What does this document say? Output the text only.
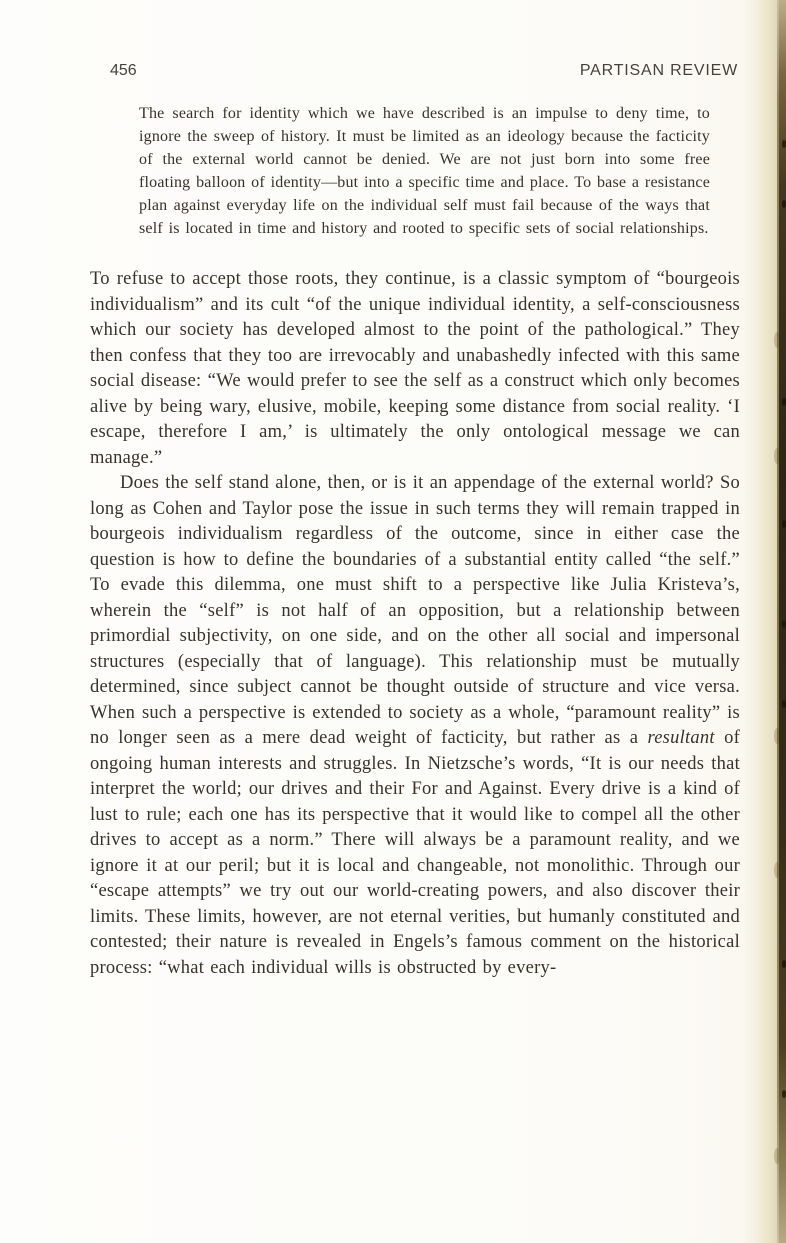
456	PARTISAN REVIEW
The search for identity which we have described is an impulse to deny time, to ignore the sweep of history. It must be limited as an ideology because the facticity of the external world cannot be denied. We are not just born into some free floating balloon of identity—but into a specific time and place. To base a resistance plan against everyday life on the individual self must fail because of the ways that self is located in time and history and rooted to specific sets of social relationships.

To refuse to accept those roots, they continue, is a classic symptom of “bourgeois individualism” and its cult “of the unique individual identity, a self-consciousness which our society has developed almost to the point of the pathological.” They then confess that they too are irrevocably and unabashedly infected with this same social disease: “We would prefer to see the self as a construct which only becomes alive by being wary, elusive, mobile, keeping some distance from social reality. ‘I escape, therefore I am,’ is ultimately the only ontological message we can manage.”

Does the self stand alone, then, or is it an appendage of the external world? So long as Cohen and Taylor pose the issue in such terms they will remain trapped in bourgeois individualism regardless of the outcome, since in either case the question is how to define the boundaries of a substantial entity called “the self.” To evade this dilemma, one must shift to a perspective like Julia Kristeva’s, wherein the “self” is not half of an opposition, but a relationship between primordial subjectivity, on one side, and on the other all social and impersonal structures (especially that of language). This relationship must be mutually determined, since subject cannot be thought outside of structure and vice versa. When such a perspective is extended to society as a whole, “paramount reality” is no longer seen as a mere dead weight of facticity, but rather as a resultant of ongoing human interests and struggles. In Nietzsche’s words, “It is our needs that interpret the world; our drives and their For and Against. Every drive is a kind of lust to rule; each one has its perspective that it would like to compel all the other drives to accept as a norm.” There will always be a paramount reality, and we ignore it at our peril; but it is local and changeable, not monolithic. Through our “escape attempts” we try out our world-creating powers, and also discover their limits. These limits, however, are not eternal verities, but humanly constituted and contested; their nature is revealed in Engels’s famous comment on the historical process: “what each individual wills is obstructed by every-
